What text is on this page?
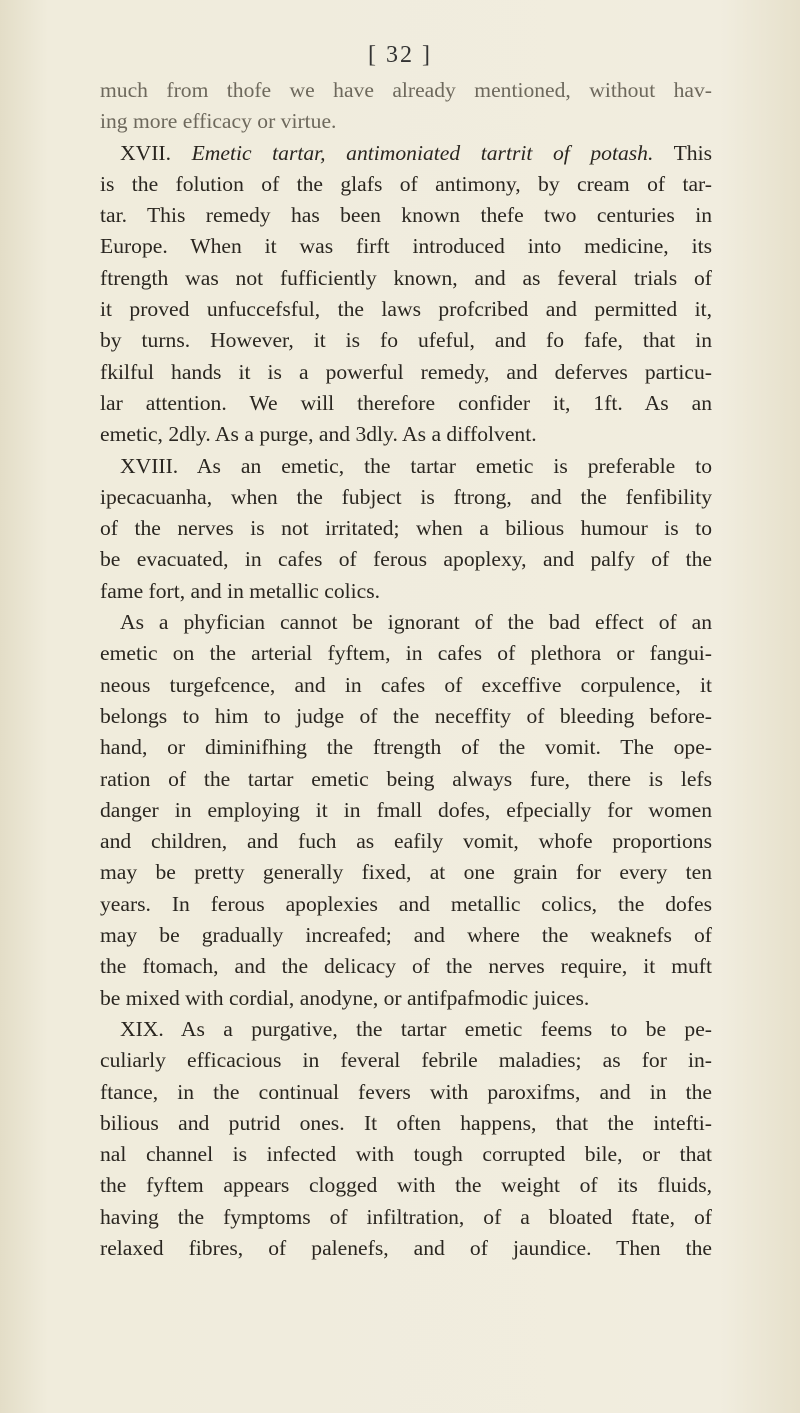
[ 32 ]
much from thofe we have already mentioned, without hav-
ing more efficacy or virtue.
XVII. Emetic tartar, antimoniated tartrit of potash. This
is the folution of the glafs of antimony, by cream of tar-
tar. This remedy has been known thefe two centuries in
Europe. When it was firft introduced into medicine, its
ftrength was not fufficiently known, and as feveral trials of
it proved unfuccefsful, the laws profcribed and permitted it,
by turns. However, it is fo ufeful, and fo fafe, that in
fkilful hands it is a powerful remedy, and deferves particu-
lar attention. We will therefore confider it, 1ft. As an
emetic, 2dly. As a purge, and 3dly. As a diffolvent.
XVIII. As an emetic, the tartar emetic is preferable to
ipecacuanha, when the fubject is ftrong, and the fenfibility
of the nerves is not irritated; when a bilious humour is to
be evacuated, in cafes of ferous apoplexy, and palfy of the
fame fort, and in metallic colics.
As a phyfician cannot be ignorant of the bad effect of an
emetic on the arterial fyftem, in cafes of plethora or fangui-
neous turgefcence, and in cafes of exceffive corpulence, it
belongs to him to judge of the neceffity of bleeding before-
hand, or diminifhing the ftrength of the vomit. The ope-
ration of the tartar emetic being always fure, there is lefs
danger in employing it in fmall dofes, efpecially for women
and children, and fuch as eafily vomit, whofe proportions
may be pretty generally fixed, at one grain for every ten
years. In ferous apoplexies and metallic colics, the dofes
may be gradually increafed; and where the weaknefs of
the ftomach, and the delicacy of the nerves require, it muft
be mixed with cordial, anodyne, or antifpafmodic juices.
XIX. As a purgative, the tartar emetic feems to be pe-
culiarly efficacious in feveral febrile maladies; as for in-
ftance, in the continual fevers with paroxifms, and in the
bilious and putrid ones. It often happens, that the intefti-
nal channel is infected with tough corrupted bile, or that
the fyftem appears clogged with the weight of its fluids,
having the fymptoms of infiltration, of a bloated ftate, of
relaxed fibres, of palenefs, and of jaundice. Then the
